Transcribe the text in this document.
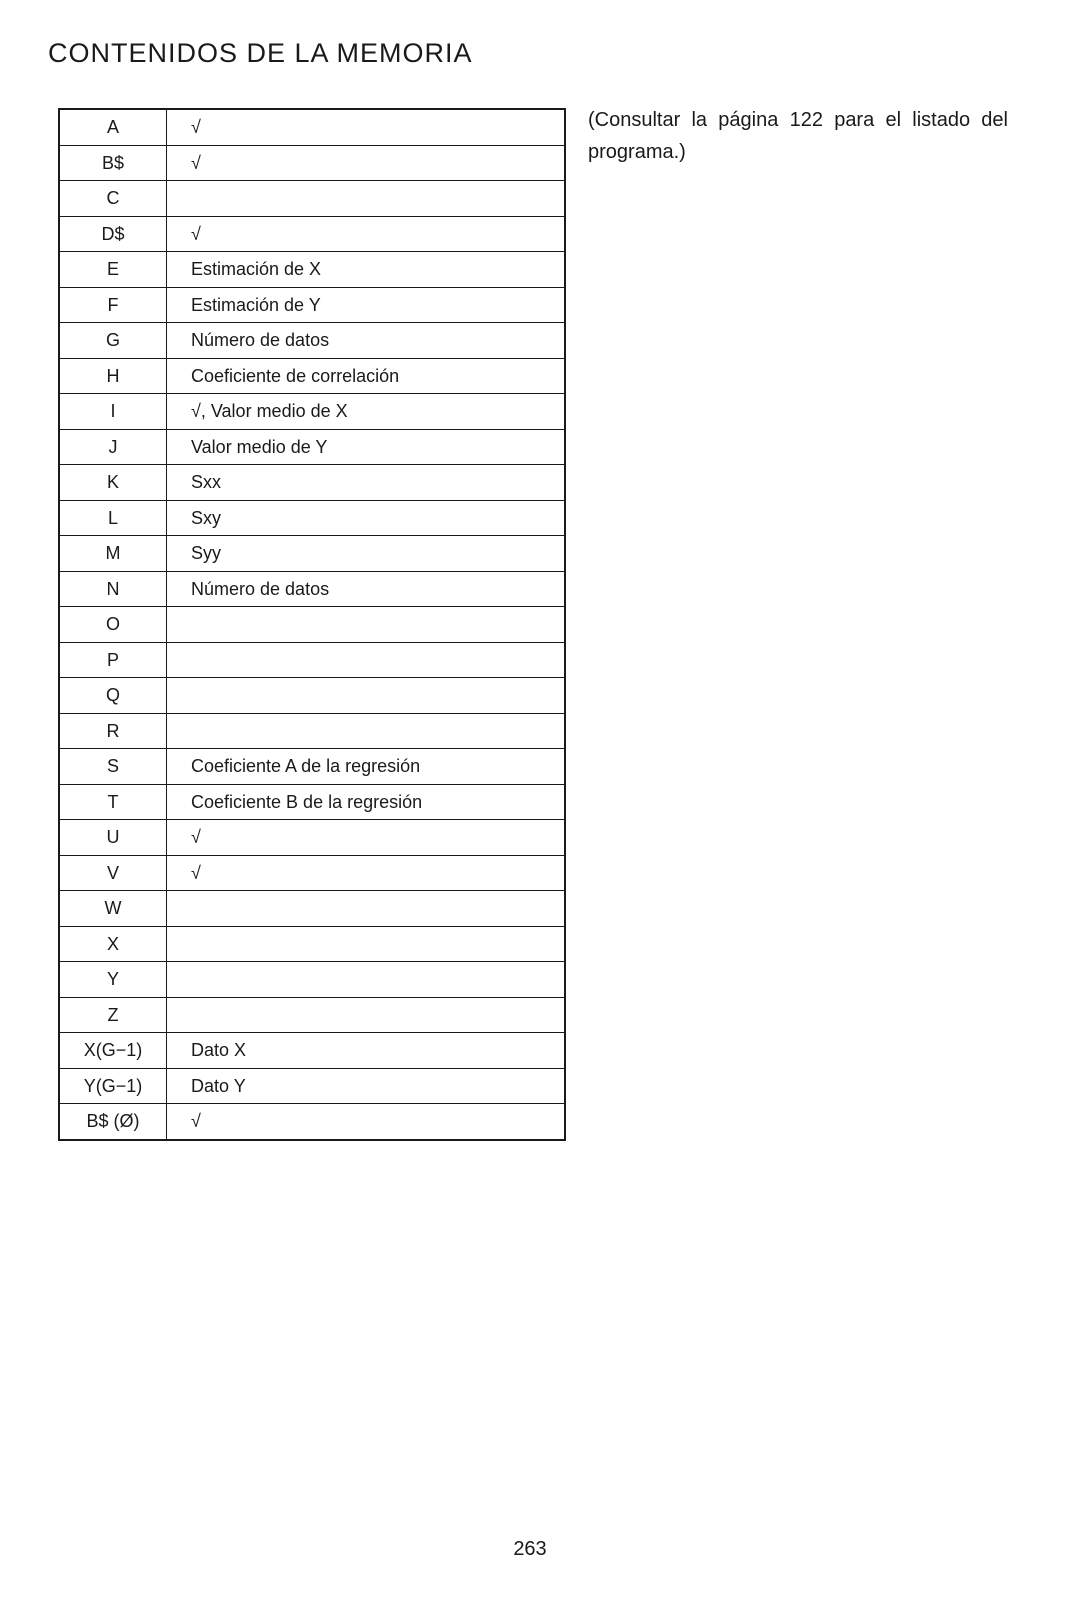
CONTENIDOS DE LA MEMORIA
A	√
B$	√
C	
D$	√
E	Estimación de X
F	Estimación de Y
G	Número de datos
H	Coeficiente de correlación
I	√, Valor medio de X
J	Valor medio de Y
K	Sxx
L	Sxy
M	Syy
N	Número de datos
O	
P	
Q	
R	
S	Coeficiente A de la regresión
T	Coeficiente B de la regresión
U	√
V	√
W	
X	
Y	
Z	
X(G−1)	Dato X
Y(G−1)	Dato Y
B$ (Ø)	√

(Consultar la página 122 para el listado del programa.)

263
